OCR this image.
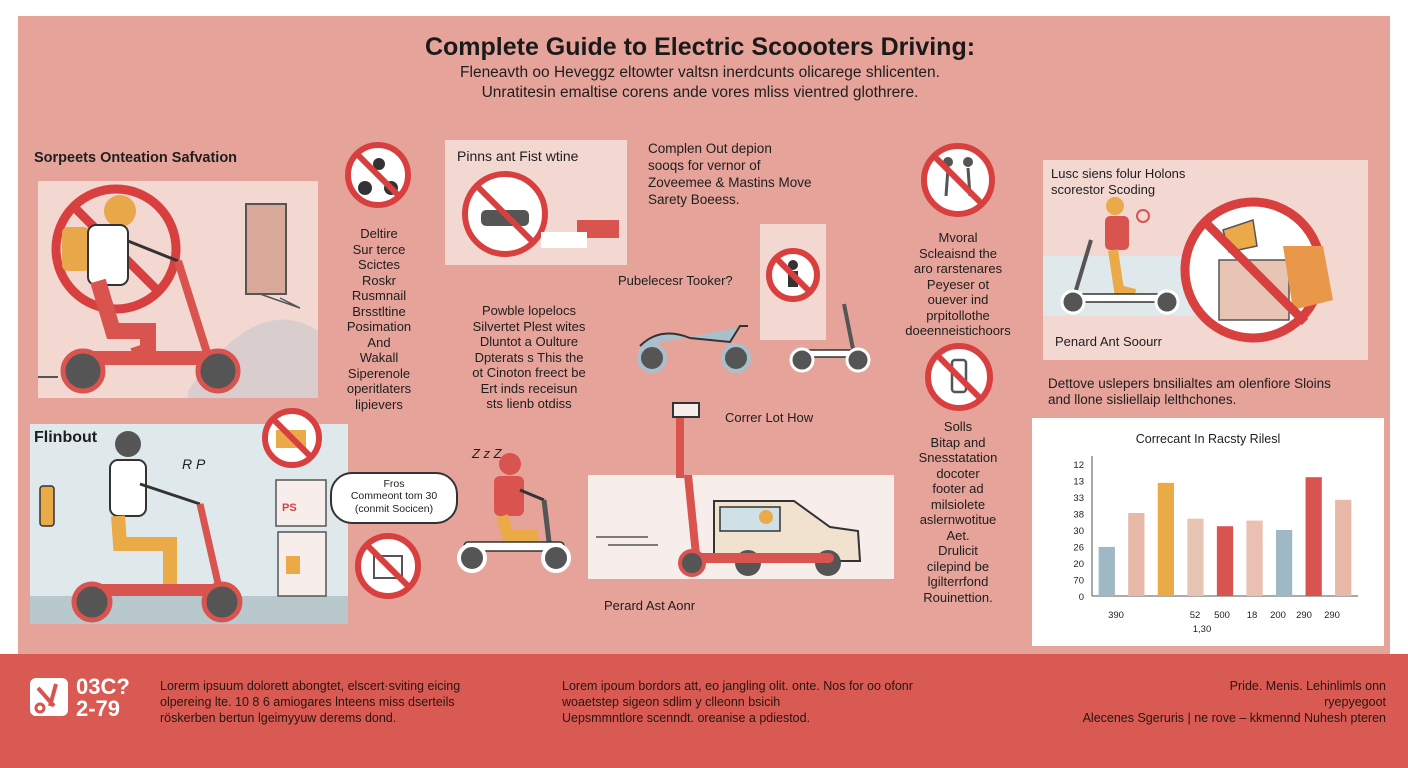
Complete Guide to Electric Scoooters Driving:
Fleneavth oo Heveggz eltowter valtsn inerdcunts olicarege shlicenten.
Unratitesin emaltise corens ande vores mliss vientred glothrere.
Sorpeets Onteation Safvation
Deltire
Sur terce
Scictes
Roskr
Rusmnail
Brsstltine
Posimation
And
Wakall
Siperenole
operitlaters
lipievers
Flinbout
R P
PS
Fros
Commeont tom 30
(conmit Socicen)
Pinns ant Fist wtine	Complen Out depion
sooqs for vernor of
Zoveemee & Mastins Move
Sarety Boeess.
Pubelecesr Tooker?
Powble lopelocs
Silvertet Plest wites
Dluntot a Oulture
Dpterats s This the
ot Cinoton freect be
Ert inds receisun
sts lienb otdiss
Z z Z
Correr Lot How
Perard Ast Aonr
Mvoral
Scleaisnd the
aro rarstenares
Peyeser ot
ouever ind
prpitollothe
doeenneistichoors
Solls
Bitap and
Snesstatation
docoter
footer ad
milsiolete
aslernwotitue
Aet.
Drulicit
cilepind be
lgilterrfond
Rouinettion.
Lusc siens folur Holons
scorestor Scoding
Penard Ant Soourr
Dettove uslepers bnsilialtes am olenfiore Sloins
and llone sisliellaip lelthchones.
Correcant In Racsty Rilesl
12
13
33
38
30
26
20
70
0
390	52 500 18 200 290 290
1,30
03C?
2-79
Lorerm ipsuum dolorett abongtet, elscert·sviting eicing
olpereing lte. 10 8 6 amiogares lnteens miss dserteils
röskerben bertun lgeimyyuw derems dond.
Lorem ipoum bordors att, eo jangling olit. onte. Nos for oo ofonr
woaetstep sigeon sdlim y clleonn bsicih
Uepsmmntlore scenndt. oreanise a pdiestod.
Pride. Menis. Lehinlimls onn
ryepyegoot
Alecenes Sgeruris | ne rove – kkmennd Nuhesh pteren
